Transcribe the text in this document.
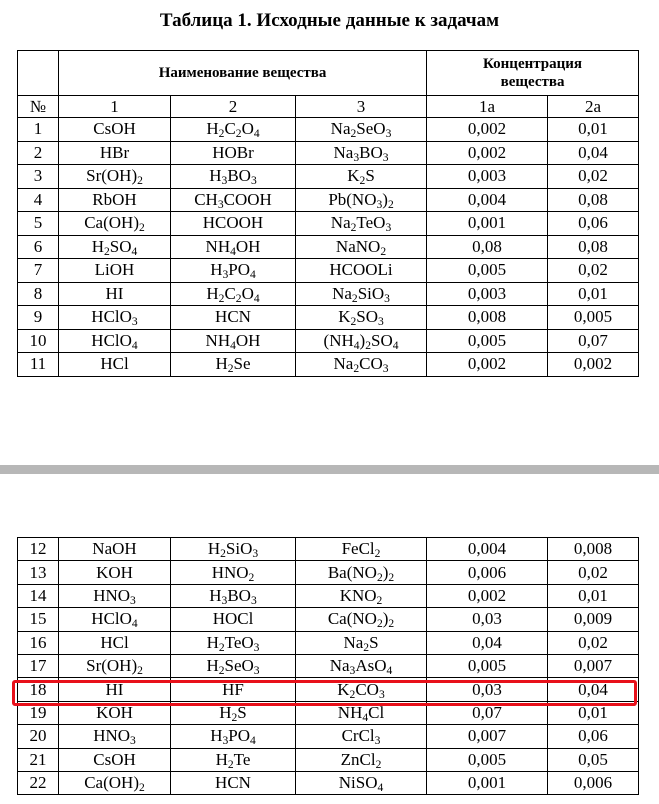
Таблица 1. Исходные данные к задачам
	Наименование вещества			Концентрация
вещества	
№	1	2	3	1a	2a
1	CsOH	$H_2C_2O_4$	$Na_2SeO_3$	0,002	0,01
2	HBr	HOBr	$Na_3BO_3$	0,002	0,04
3	$Sr(OH)_2$	$H_3BO_3$	$K_2S$	0,003	0,02
4	RbOH	$CH_3COOH$	$Pb(NO_3)_2$	0,004	0,08
5	$Ca(OH)_2$	HCOOH	$Na_2TeO_3$	0,001	0,06
6	$H_2SO_4$	$NH_4OH$	NaNO$_2$	0,08	0,08
7	LiOH	$H_3PO_4$	HCOOLi	0,005	0,02
8	HI	$H_2C_2O_4$	$Na_2SiO_3$	0,003	0,01
9	HClO$_3$	HCN	$K_2SO_3$	0,008	0,005
10	HClO$_4$	$NH_4OH$	$(NH_4)_2SO_4$	0,005	0,07
11	HCl	$H_2Se$	$Na_2CO_3$	0,002	0,002
12	NaOH	$H_2SiO_3$	FeCl$_2$	0,004	0,008
13	KOH	$HNO_2$	$Ba(NO_2)_2$	0,006	0,02
14	$HNO_3$	$H_3BO_3$	$KNO_2$	0,002	0,01
15	HClO$_4$	HOCl	$Ca(NO_2)_2$	0,03	0,009
16	HCl	$H_2TeO_3$	$Na_2S$	0,04	0,02
17	$Sr(OH)_2$	$H_2SeO_3$	$Na_3AsO_4$	0,005	0,007
18	HI	HF	$K_2CO_3$	0,03	0,04
19	KOH	$H_2S$	$NH_4Cl$	0,07	0,01
20	$HNO_3$	$H_3PO_4$	CrCl$_3$	0,007	0,06
21	CsOH	$H_2Te$	ZnCl$_2$	0,005	0,05
22	$Ca(OH)_2$	HCN	NiSO$_4$	0,001	0,006
